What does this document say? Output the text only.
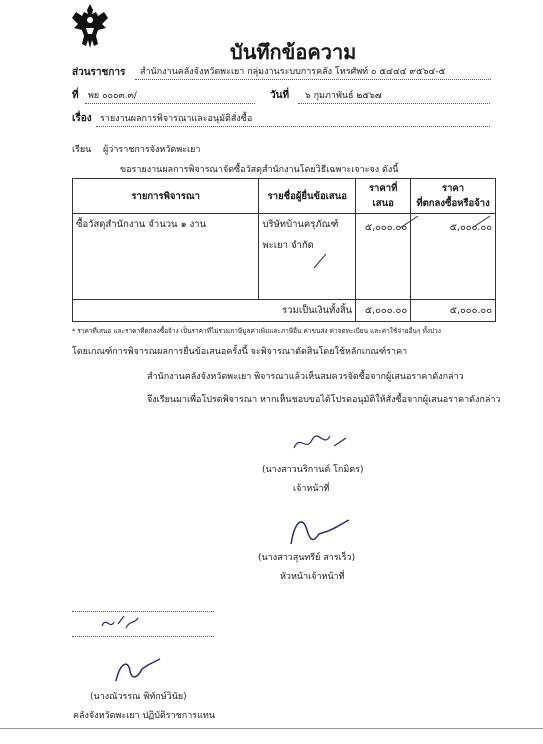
บันทึกข้อความ
ส่วนราชการ สำนักงานคลังจังหวัดพะเยา กลุ่มงานระบบการคลัง โทรศัพท์ ๐ ๕๔๔๔ ๙๕๖๔-๕
ที่ พย ๐๐๐๓.๓/	วันที่ ๖ กุมภาพันธ์ ๒๕๖๗
เรื่อง รายงานผลการพิจารณาและอนุมัติสั่งซื้อ
เรียน ผู้ว่าราชการจังหวัดพะเยา
ขอรายงานผลการพิจารณาจัดซื้อวัสดุสำนักงานโดยวิธีเฉพาะเจาะจง ดังนี้
รายการพิจารณา	รายชื่อผู้ยื่นข้อเสนอ	ราคาที่เสนอ	ราคา
ที่ตกลงซื้อหรือจ้าง

ซื้อวัสดุสำนักงาน จำนวน ๑ งาน	บริษัทบ้านครุภัณฑ์
พะเยา จำกัด	๕,๐๐๐.๐๐	๕,๐๐๐.๐๐
รวมเป็นเงินทั้งสิ้น		๕,๐๐๐.๐๐	๕,๐๐๐.๐๐
* ราคาที่เสนอ และราคาที่ตกลงซื้อจ้าง เป็นราคาที่ไม่รวมภาษีมูลค่าเพิ่มและภาษีอื่น ค่าขนส่ง ค่าจดทะเบียน และค่าใช้จ่ายอื่นๆ ทั้งปวง
โดยเกณฑ์การพิจารณผลการยื่นข้อเสนอครั้งนี้ จะพิจารณาตัดสินโดยใช้หลักเกณฑ์ราคา
สำนักงานคลังจังหวัดพะเยา พิจารณาแล้วเห็นสมควรจัดซื้อจากผู้เสนอราคาดังกล่าว
จึงเรียนมาเพื่อโปรดพิจารณา หากเห็นชอบขอได้โปรดอนุมัติให้สั่งซื้อจากผู้เสนอราคาดังกล่าว
(นางสาวนริกานต์ โกมิตร)
เจ้าหน้าที่
(นางสาวสุนทรีย์ สารเร็ว)
หัวหน้าเจ้าหน้าที่
(นางณัวรรณ พิทักษ์วินัย)
คลังจังหวัดพะเยา ปฏิบัติราชการแทน
